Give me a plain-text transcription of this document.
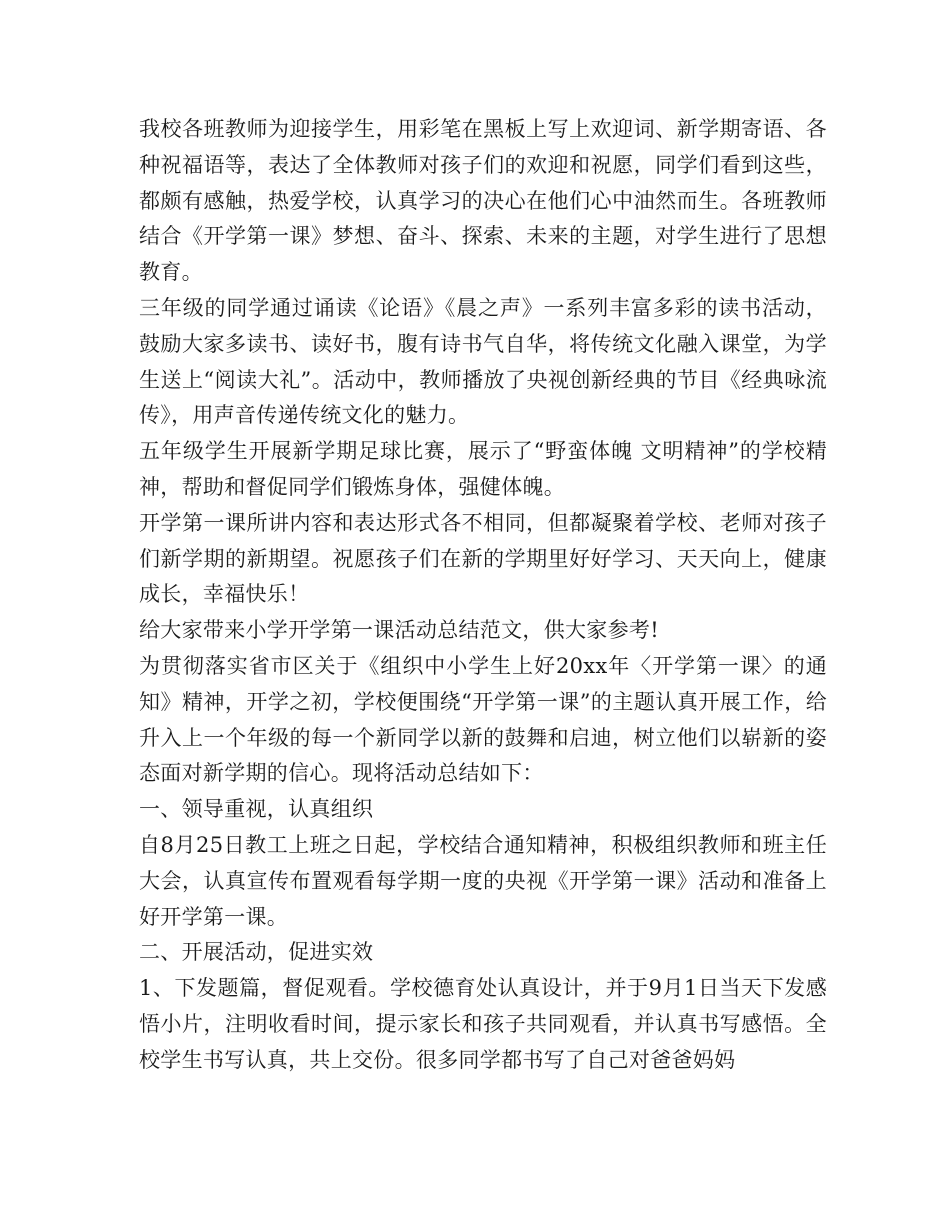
我校各班教师为迎接学生，用彩笔在黑板上写上欢迎词、新学期寄语、各种祝福语等，表达了全体教师对孩子们的欢迎和祝愿，同学们看到这些，都颇有感触，热爱学校，认真学习的决心在他们心中油然而生。各班教师结合《开学第一课》梦想、奋斗、探索、未来的主题，对学生进行了思想教育。

三年级的同学通过诵读《论语》《晨之声》一系列丰富多彩的读书活动，鼓励大家多读书、读好书，腹有诗书气自华，将传统文化融入课堂，为学生送上“阅读大礼”。活动中，教师播放了央视创新经典的节目《经典咏流传》，用声音传递传统文化的魅力。

五年级学生开展新学期足球比赛，展示了“野蛮体魄 文明精神”的学校精神，帮助和督促同学们锻炼身体，强健体魄。

开学第一课所讲内容和表达形式各不相同，但都凝聚着学校、老师对孩子们新学期的新期望。祝愿孩子们在新的学期里好好学习、天天向上，健康成长，幸福快乐！

给大家带来小学开学第一课活动总结范文，供大家参考!

为贯彻落实省市区关于《组织中小学生上好20xx年〈开学第一课〉的通知》精神，开学之初，学校便围绕“开学第一课”的主题认真开展工作，给升入上一个年级的每一个新同学以新的鼓舞和启迪，树立他们以崭新的姿态面对新学期的信心。现将活动总结如下：

一、领导重视，认真组织

自8月25日教工上班之日起，学校结合通知精神，积极组织教师和班主任大会，认真宣传布置观看每学期一度的央视《开学第一课》活动和准备上好开学第一课。

二、开展活动，促进实效

1、下发题篇，督促观看。学校德育处认真设计，并于9月1日当天下发感悟小片，注明收看时间，提示家长和孩子共同观看，并认真书写感悟。全校学生书写认真，共上交份。很多同学都书写了自己对爸爸妈妈
